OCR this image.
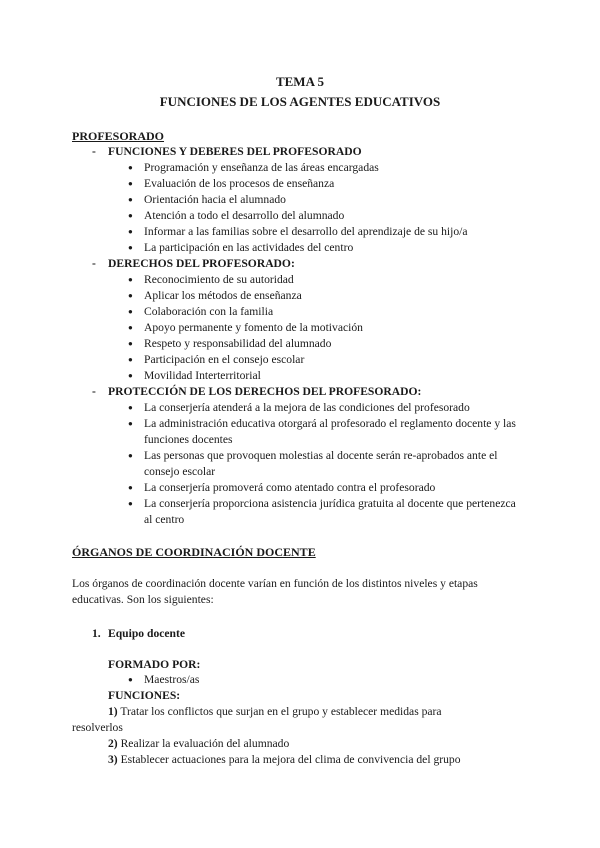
TEMA 5
FUNCIONES DE LOS AGENTES EDUCATIVOS
PROFESORADO
- FUNCIONES Y DEBERES DEL PROFESORADO
● Programación y enseñanza de las áreas encargadas
● Evaluación de los procesos de enseñanza
● Orientación hacia el alumnado
● Atención a todo el desarrollo del alumnado
● Informar a las familias sobre el desarrollo del aprendizaje de su hijo/a
● La participación en las actividades del centro
- DERECHOS DEL PROFESORADO:
● Reconocimiento de su autoridad
● Aplicar los métodos de enseñanza
● Colaboración con la familia
● Apoyo permanente y fomento de la motivación
● Respeto y responsabilidad del alumnado
● Participación en el consejo escolar
● Movilidad Interterritorial
- PROTECCIÓN DE LOS DERECHOS DEL PROFESORADO:
● La conserjería atenderá a la mejora de las condiciones del profesorado
● La administración educativa otorgará al profesorado el reglamento docente y las funciones docentes
● Las personas que provoquen molestias al docente serán re-aprobados ante el consejo escolar
● La conserjería promoverá como atentado contra el profesorado
● La conserjería proporciona asistencia jurídica gratuita al docente que pertenezca al centro
ÓRGANOS DE COORDINACIÓN DOCENTE
Los órganos de coordinación docente varían en función de los distintos niveles y etapas educativas. Son los siguientes:
1. Equipo docente
FORMADO POR:
● Maestros/as
FUNCIONES:
1) Tratar los conflictos que surjan en el grupo y establecer medidas para
resolverlos
2) Realizar la evaluación del alumnado
3) Establecer actuaciones para la mejora del clima de convivencia del grupo
